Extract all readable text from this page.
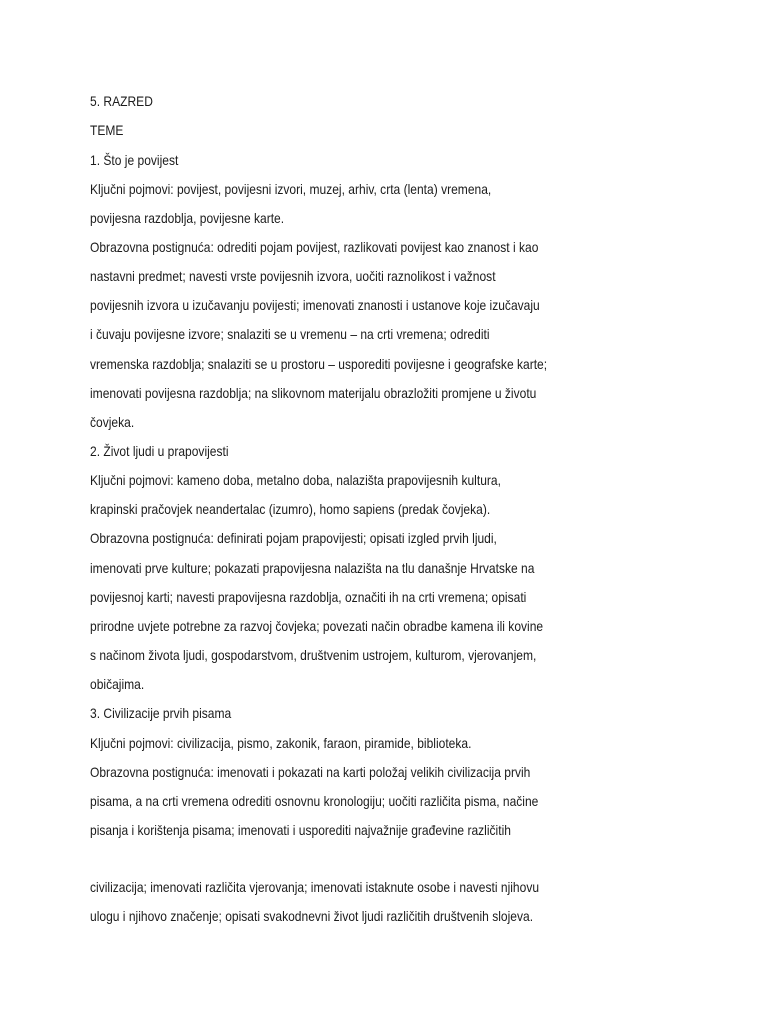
5. RAZRED

TEME

1. Što je povijest

Ključni pojmovi: povijest, povijesni izvori, muzej, arhiv, crta (lenta) vremena,

povijesna razdoblja, povijesne karte.

Obrazovna postignuća: odrediti pojam povijest, razlikovati povijest kao znanost i kao

nastavni predmet; navesti vrste povijesnih izvora, uočiti raznolikost i važnost

povijesnih izvora u izučavanju povijesti; imenovati znanosti i ustanove koje izučavaju

i čuvaju povijesne izvore; snalaziti se u vremenu – na crti vremena; odrediti

vremenska razdoblja; snalaziti se u prostoru – usporediti povijesne i geografske karte;

imenovati povijesna razdoblja; na slikovnom materijalu obrazložiti promjene u životu

čovjeka.

2. Život ljudi u prapovijesti

Ključni pojmovi: kameno doba, metalno doba, nalazišta prapovijesnih kultura,

krapinski pračovjek neandertalac (izumro), homo sapiens (predak čovjeka).

Obrazovna postignuća: definirati pojam prapovijesti; opisati izgled prvih ljudi,

imenovati prve kulture; pokazati prapovijesna nalazišta na tlu današnje Hrvatske na

povijesnoj karti; navesti prapovijesna razdoblja, označiti ih na crti vremena; opisati

prirodne uvjete potrebne za razvoj čovjeka; povezati način obradbe kamena ili kovine

s načinom života ljudi, gospodarstvom, društvenim ustrojem, kulturom, vjerovanjem,

običajima.

3. Civilizacije prvih pisama

Ključni pojmovi: civilizacija, pismo, zakonik, faraon, piramide, biblioteka.

Obrazovna postignuća: imenovati i pokazati na karti položaj velikih civilizacija prvih

pisama, a na crti vremena odrediti osnovnu kronologiju; uočiti različita pisma, načine

pisanja i korištenja pisama; imenovati i usporediti najvažnije građevine različitih

civilizacija; imenovati različita vjerovanja; imenovati istaknute osobe i navesti njihovu

ulogu i njihovo značenje; opisati svakodnevni život ljudi različitih društvenih slojeva.
